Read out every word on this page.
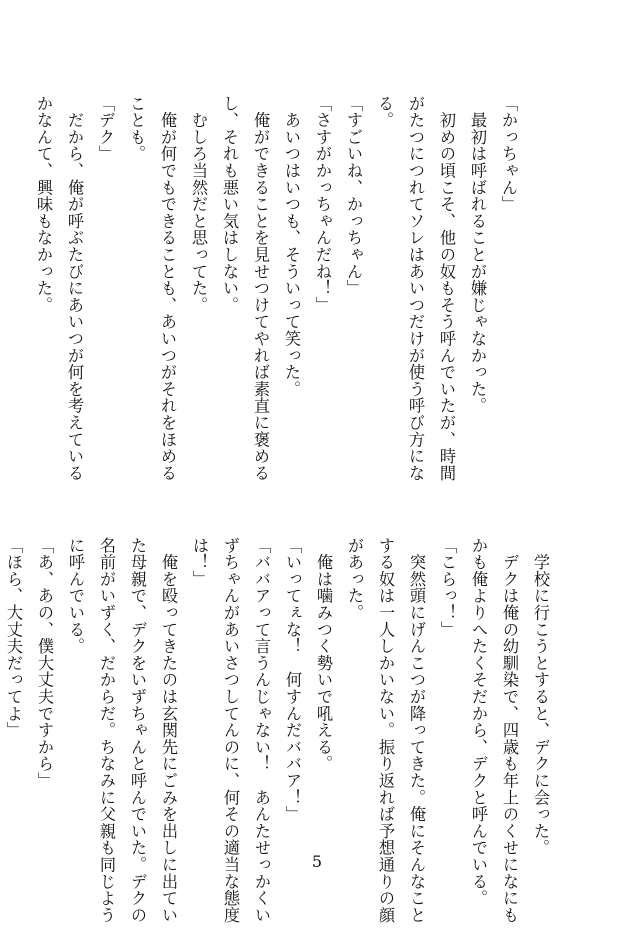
「かっちゃん」
　最初は呼ばれることが嫌じゃなかった。
　初めの頃こそ、他の奴もそう呼んでいたが、時間
がたつにつれてソレはあいつだけが使う呼び方にな
る。
「すごいね、かっちゃん」
「さすがかっちゃんだね！」
　あいつはいつも、そういって笑った。
　俺ができることを見せつけてやれば素直に褒める
し、それも悪い気はしない。
　むしろ当然だと思ってた。
　俺が何でもできることも、あいつがそれをほめる
ことも。
「デク」
　だから、俺が呼ぶたびにあいつが何を考えている
かなんて、興味もなかった。

　学校に行こうとすると、デクに会った。
　デクは俺の幼馴染で、四歳も年上のくせになにも
かも俺よりへたくそだから、デクと呼んでいる。
「こらっ！」
　突然頭にげんこつが降ってきた。俺にそんなこと
する奴は一人しかいない。振り返れば予想通りの顔
があった。
　俺は噛みつく勢いで吼える。
「いってぇな！　何すんだババア！」
「ババアって言うんじゃない！　あんたせっかくい
ずちゃんがあいさつしてんのに、何その適当な態度
は！」
　俺を殴ってきたのは玄関先にごみを出しに出てい
た母親で、デクをいずちゃんと呼んでいた。デクの
名前がいずく、だからだ。ちなみに父親も同じよう
に呼んでいる。
「あ、あの、僕大丈夫ですから」
「ほら、大丈夫だってよ」
5
